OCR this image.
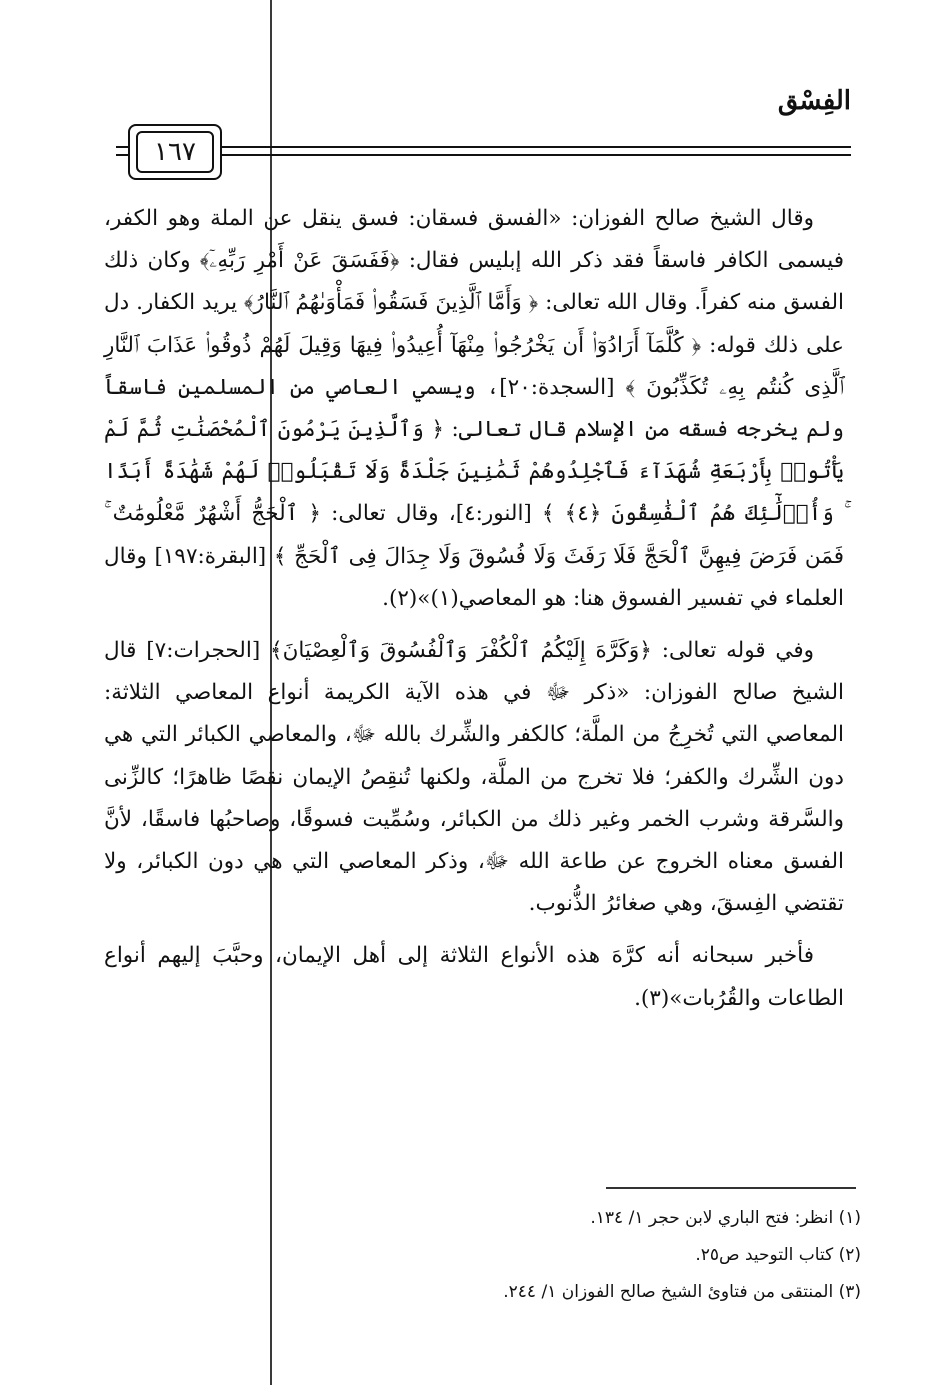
الفِسْق
١٦٧

وقال الشيخ صالح الفوزان: «الفسق فسقان: فسق ينقل عن الملة وهو الكفر، فيسمى الكافر فاسقاً فقد ذكر الله إبليس فقال: ﴿فَفَسَقَ عَنْ أَمْرِ رَبِّهِۦٓ﴾ وكان ذلك الفسق منه كفراً. وقال الله تعالى: ﴿ وَأَمَّا ٱلَّذِينَ فَسَقُوا۟ فَمَأْوَىٰهُمُ ٱلنَّارُ﴾ يريد الكفار. دل على ذلك قوله: ﴿ كُلَّمَآ أَرَادُوٓا۟ أَن يَخْرُجُوا۟ مِنْهَآ أُعِيدُوا۟ فِيهَا وَقِيلَ لَهُمْ ذُوقُوا۟ عَذَابَ ٱلنَّارِ ٱلَّذِى كُنتُم بِهِۦ تُكَذِّبُونَ ﴾ [السجدة:٢٠]، ويسمي العاصي من المسلمين فاسقاً ولم يخرجه فسقه من الإسلام قال تعالى: ﴿ وَٱلَّذِينَ يَرْمُونَ ٱلْمُحْصَنَٰتِ ثُمَّ لَمْ يَأْتُوا۟ بِأَرْبَعَةِ شُهَدَآءَ فَٱجْلِدُوهُمْ ثَمَٰنِينَ جَلْدَةً وَلَا تَقْبَلُوا۟ لَهُمْ شَهَٰدَةً أَبَدًا ۚ وَأُو۟لَٰٓئِكَ هُمُ ٱلْفَٰسِقُونَ ﴿٤﴾ ﴾ [النور:٤]، وقال تعالى: ﴿ ٱلْحَجُّ أَشْهُرٌ مَّعْلُومَٰتٌ ۚ فَمَن فَرَضَ فِيهِنَّ ٱلْحَجَّ فَلَا رَفَثَ وَلَا فُسُوقَ وَلَا جِدَالَ فِى ٱلْحَجِّ ﴾ [البقرة:١٩٧] وقال العلماء في تفسير الفسوق هنا: هو المعاصي(١)»(٢).

وفي قوله تعالى: ﴿وَكَرَّهَ إِلَيْكُمُ ٱلْكُفْرَ وَٱلْفُسُوقَ وَٱلْعِصْيَانَ﴾ [الحجرات:٧] قال الشيخ صالح الفوزان: «ذكر ﷻ في هذه الآية الكريمة أنواع المعاصي الثلاثة: المعاصي التي تُخرِجُ من الملَّة؛ كالكفر والشِّرك بالله ﷻ، والمعاصي الكبائر التي هي دون الشِّرك والكفر؛ فلا تخرج من الملَّة، ولكنها تُنقِصُ الإيمان نقصًا ظاهرًا؛ كالزِّنى والسَّرقة وشرب الخمر وغير ذلك من الكبائر، وسُمِّيت فسوقًا، وصاحبُها فاسقًا، لأنَّ الفسق معناه الخروج عن طاعة الله ﷻ، وذكر المعاصي التي هي دون الكبائر، ولا تقتضي الفِسقَ، وهي صغائرُ الذُّنوب.

فأخبر سبحانه أنه كرَّهَ هذه الأنواع الثلاثة إلى أهل الإيمان، وحبَّبَ إليهم أنواع الطاعات والقُرُبات»(٣).

(١) انظر: فتح الباري لابن حجر ١/ ١٣٤.
(٢) كتاب التوحيد ص٢٥.
(٣) المنتقى من فتاوئ الشيخ صالح الفوزان ١/ ٢٤٤.
